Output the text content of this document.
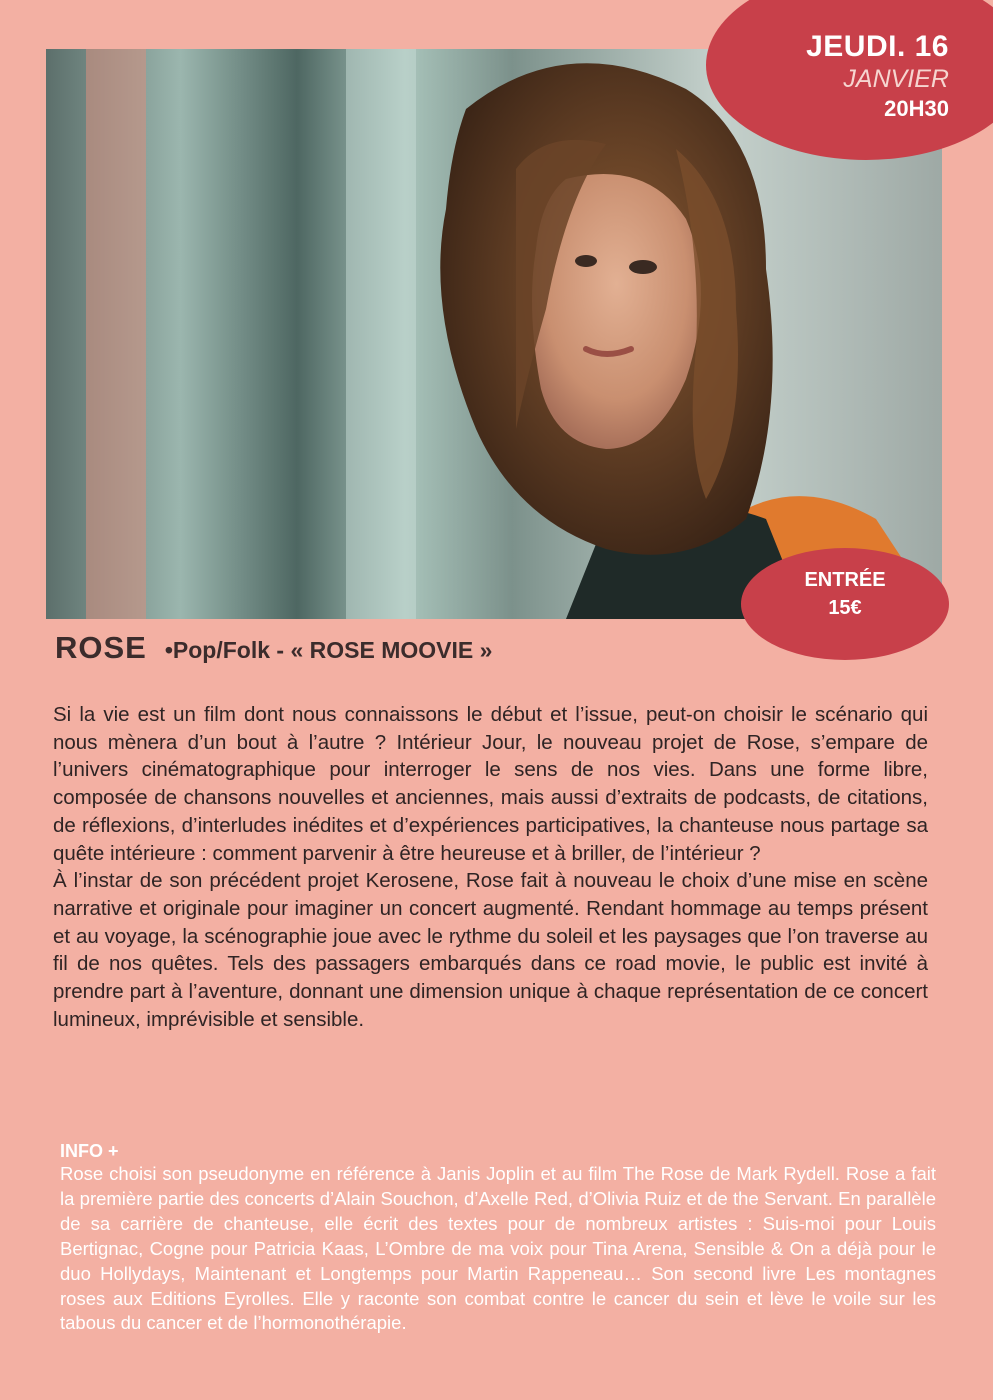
JEUDI. 16
JANVIER
20H30
ENTRÉE
15€
ROSE •Pop/Folk - « ROSE MOOVIE »

Si la vie est un film dont nous connaissons le début et l’issue, peut-on choisir le scénario qui nous mènera d’un bout à l’autre ? Intérieur Jour, le nouveau projet de Rose, s’empare de l’univers cinématographique pour interroger le sens de nos vies. Dans une forme libre, composée de chansons nouvelles et anciennes, mais aussi d’extraits de podcasts, de citations, de réflexions, d’interludes inédites et d’expériences participatives, la chanteuse nous partage sa quête intérieure : comment parvenir à être heureuse et à briller, de l’intérieur ?

À l’instar de son précédent projet Kerosene, Rose fait à nouveau le choix d’une mise en scène narrative et originale pour imaginer un concert augmenté. Rendant hommage au temps présent et au voyage, la scénographie joue avec le rythme du soleil et les paysages que l’on traverse au fil de nos quêtes. Tels des passagers embarqués dans ce road movie, le public est invité à prendre part à l’aventure, donnant une dimension unique à chaque représentation de ce concert lumineux, imprévisible et sensible.

INFO +

Rose choisi son pseudonyme en référence à Janis Joplin et au film The Rose de Mark Rydell. Rose a fait la première partie des concerts d’Alain Souchon, d’Axelle Red, d’Olivia Ruiz et de the Servant. En parallèle de sa carrière de chanteuse, elle écrit des textes pour de nombreux artistes : Suis-moi pour Louis Bertignac, Cogne pour Patricia Kaas, L’Ombre de ma voix pour Tina Arena, Sensible & On a déjà pour le duo Hollydays, Maintenant et Longtemps pour Martin Rappeneau… Son second livre Les montagnes roses aux Editions Eyrolles. Elle y raconte son combat contre le cancer du sein et lève le voile sur les tabous du cancer et de l’hormonothérapie.
